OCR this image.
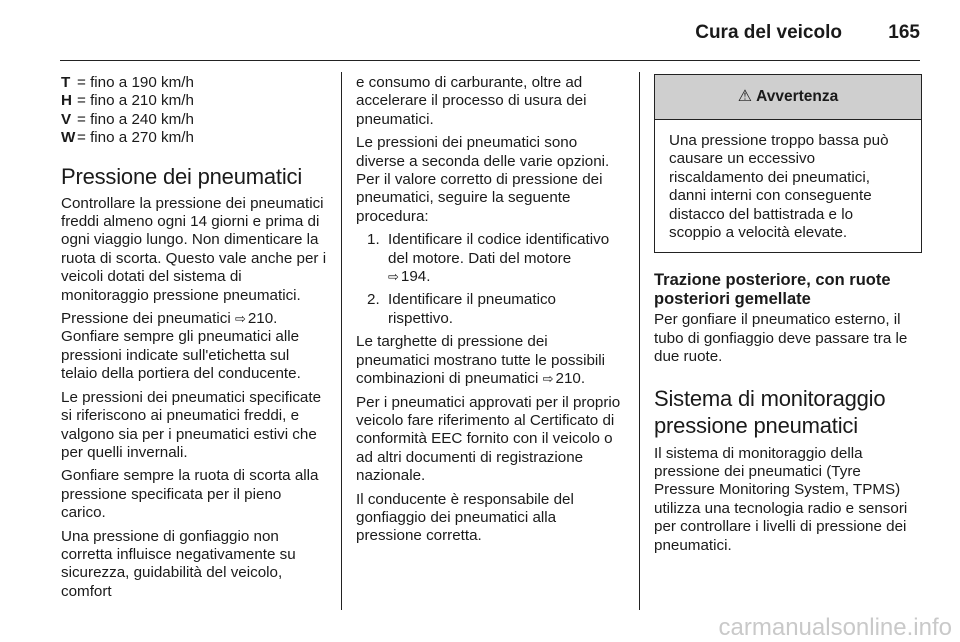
Cura del veicolo 165
T = fino a 190 km/h
H = fino a 210 km/h
V = fino a 240 km/h
W = fino a 270 km/h
Pressione dei pneumatici

Controllare la pressione dei pneumatici freddi almeno ogni 14 giorni e prima di ogni viaggio lungo. Non dimenticare la ruota di scorta. Questo vale anche per i veicoli dotati del sistema di monitoraggio pressione pneumatici.

Pressione dei pneumatici ⇨ 210. Gonfiare sempre gli pneumatici alle pressioni indicate sull'etichetta sul telaio della portiera del conducente.

Le pressioni dei pneumatici specificate si riferiscono ai pneumatici freddi, e valgono sia per i pneumatici estivi che per quelli invernali.

Gonfiare sempre la ruota di scorta alla pressione specificata per il pieno carico.

Una pressione di gonfiaggio non corretta influisce negativamente su sicurezza, guidabilità del veicolo, comfort

e consumo di carburante, oltre ad accelerare il processo di usura dei pneumatici.

Le pressioni dei pneumatici sono diverse a seconda delle varie opzioni. Per il valore corretto di pressione dei pneumatici, seguire la seguente procedura:

1. Identificare il codice identificativo del motore. Dati del motore
⇨ 194.
2. Identificare il pneumatico rispettivo.

Le targhette di pressione dei pneumatici mostrano tutte le possibili combinazioni di pneumatici ⇨ 210.

Per i pneumatici approvati per il proprio veicolo fare riferimento al Certificato di conformità EEC fornito con il veicolo o ad altri documenti di registrazione nazionale.

Il conducente è responsabile del gonfiaggio dei pneumatici alla pressione corretta.

⚠ Avvertenza
Una pressione troppo bassa può causare un eccessivo riscaldamento dei pneumatici, danni interni con conseguente distacco del battistrada e lo scoppio a velocità elevate.
Trazione posteriore, con ruote posteriori gemellate

Per gonfiare il pneumatico esterno, il tubo di gonfiaggio deve passare tra le due ruote.

Sistema di monitoraggio pressione pneumatici

Il sistema di monitoraggio della pressione dei pneumatici (Tyre Pressure Monitoring System, TPMS) utilizza una tecnologia radio e sensori per controllare i livelli di pressione dei pneumatici.

carmanualsonline.info
